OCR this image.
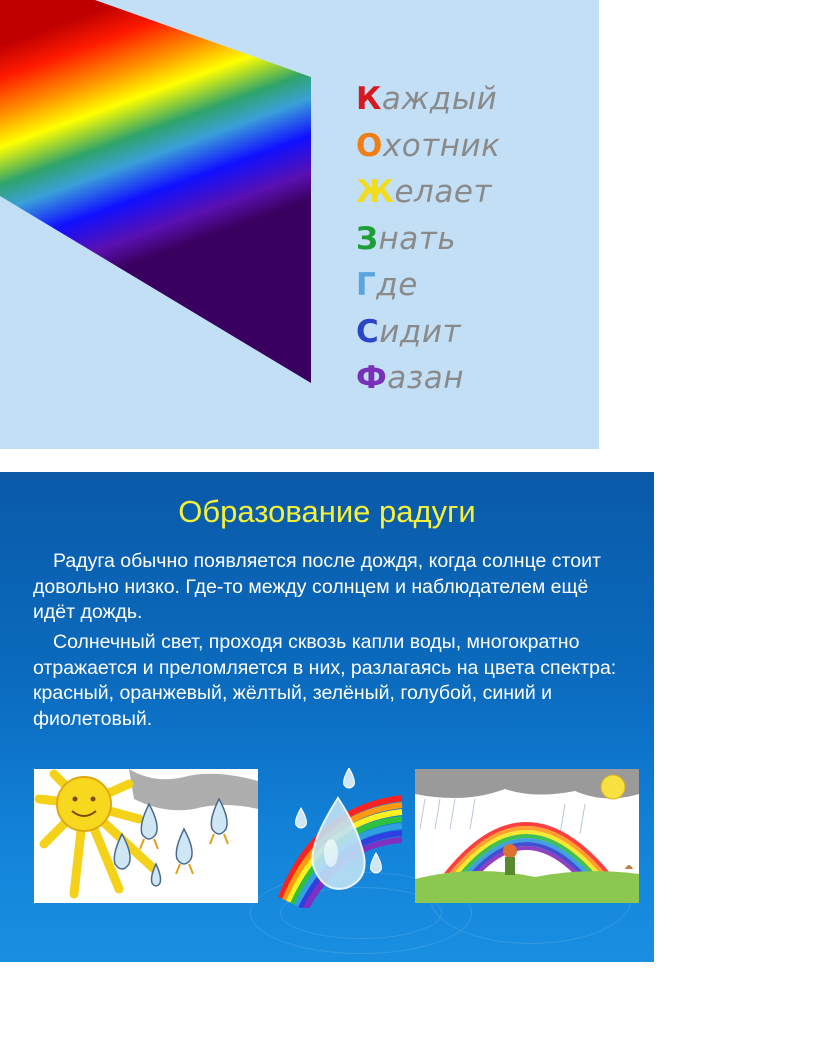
Каждый
Охотник
Желает
Знать
Где
Сидит
Фазан
Образование радуги

Радуга обычно появляется после дождя, когда солнце стоит довольно низко. Где-то между солнцем и наблюдателем ещё идёт дождь.

Солнечный свет, проходя сквозь капли воды, многократно отражается и преломляется в них, разлагаясь на цвета спектра: красный, оранжевый, жёлтый, зелёный, голубой, синий и фиолетовый.
